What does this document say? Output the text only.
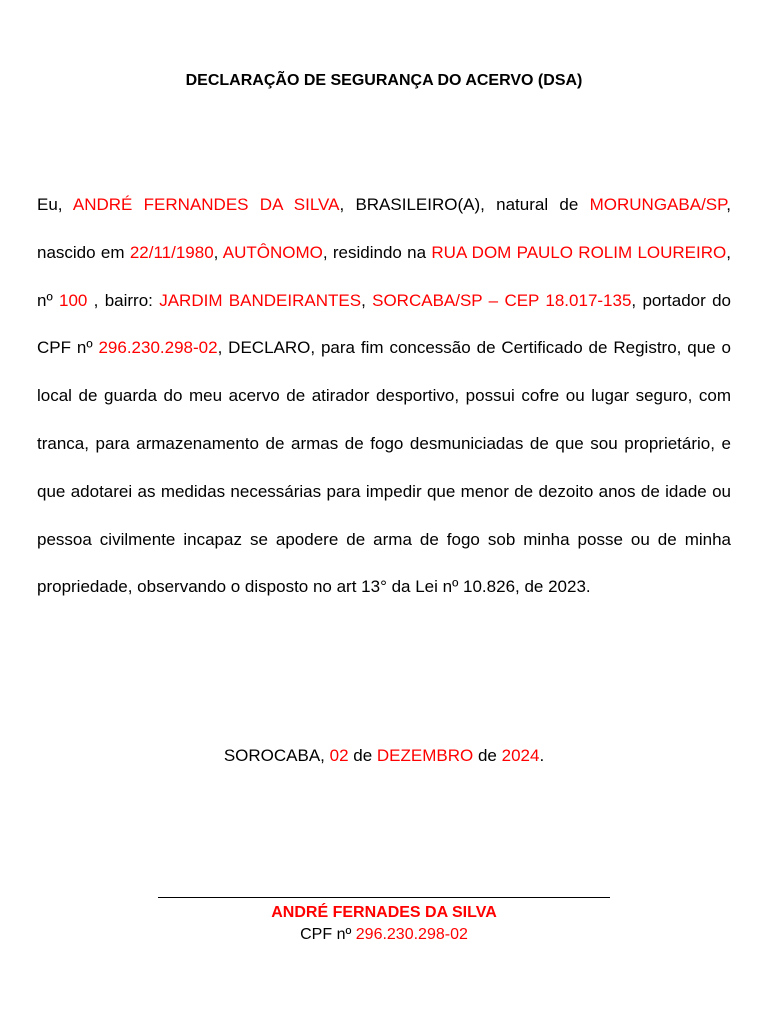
DECLARAÇÃO DE SEGURANÇA DO ACERVO (DSA)
Eu, ANDRÉ FERNANDES DA SILVA, BRASILEIRO(A), natural de MORUNGABA/SP, nascido em 22/11/1980, AUTÔNOMO, residindo na RUA DOM PAULO ROLIM LOUREIRO, nº 100 , bairro: JARDIM BANDEIRANTES, SORCABA/SP – CEP 18.017-135, portador do CPF nº 296.230.298-02, DECLARO, para fim concessão de Certificado de Registro, que o local de guarda do meu acervo de atirador desportivo, possui cofre ou lugar seguro, com tranca, para armazenamento de armas de fogo desmuniciadas de que sou proprietário, e que adotarei as medidas necessárias para impedir que menor de dezoito anos de idade ou pessoa civilmente incapaz se apodere de arma de fogo sob minha posse ou de minha propriedade, observando o disposto no art 13° da Lei nº 10.826, de 2023.
SOROCABA, 02 de DEZEMBRO de 2024.
ANDRÉ FERNADES DA SILVA
CPF nº 296.230.298-02
